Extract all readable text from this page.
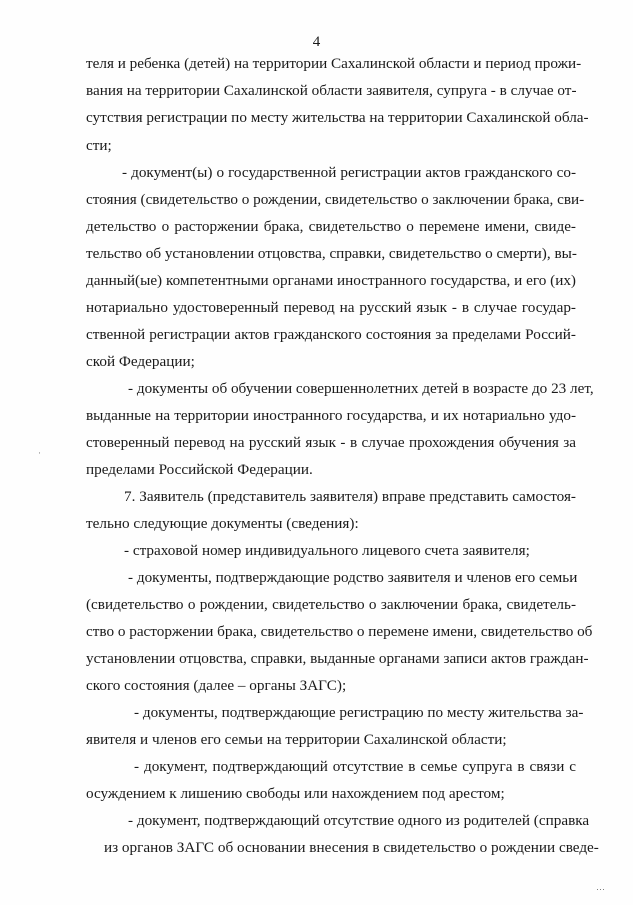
4
теля и ребенка (детей) на территории Сахалинской области и период прожи-
вания на территории Сахалинской области заявителя, супруга - в случае от-
сутствия регистрации по месту жительства на территории Сахалинской обла-
сти;
- документ(ы) о государственной регистрации актов гражданского со-
стояния (свидетельство о рождении, свидетельство о заключении брака, сви-
детельство о расторжении брака, свидетельство о перемене имени, свиде-
тельство об установлении отцовства, справки, свидетельство о смерти), вы-
данный(ые) компетентными органами иностранного государства, и его (их)
нотариально удостоверенный перевод на русский язык - в случае государ-
ственной регистрации актов гражданского состояния за пределами Россий-
ской Федерации;
- документы об обучении совершеннолетних детей в возрасте до 23 лет,
выданные на территории иностранного государства, и их нотариально удо-
стоверенный перевод на русский язык - в случае прохождения обучения за
пределами Российской Федерации.
7. Заявитель (представитель заявителя) вправе представить самостоя-
тельно следующие документы (сведения):
- страховой номер индивидуального лицевого счета заявителя;
- документы, подтверждающие родство заявителя и членов его семьи
(свидетельство о рождении, свидетельство о заключении брака, свидетель-
ство о расторжении брака, свидетельство о перемене имени, свидетельство об
установлении отцовства, справки, выданные органами записи актов граждан-
ского состояния (далее – органы ЗАГС);
- документы, подтверждающие регистрацию по месту жительства за-
явителя и членов его семьи на территории Сахалинской области;
- документ, подтверждающий отсутствие в семье супруга в связи с
осуждением к лишению свободы или нахождением под арестом;
- документ, подтверждающий отсутствие одного из родителей (справка
из органов ЗАГС об основании внесения в свидетельство о рождении сведе-
·
⋯
